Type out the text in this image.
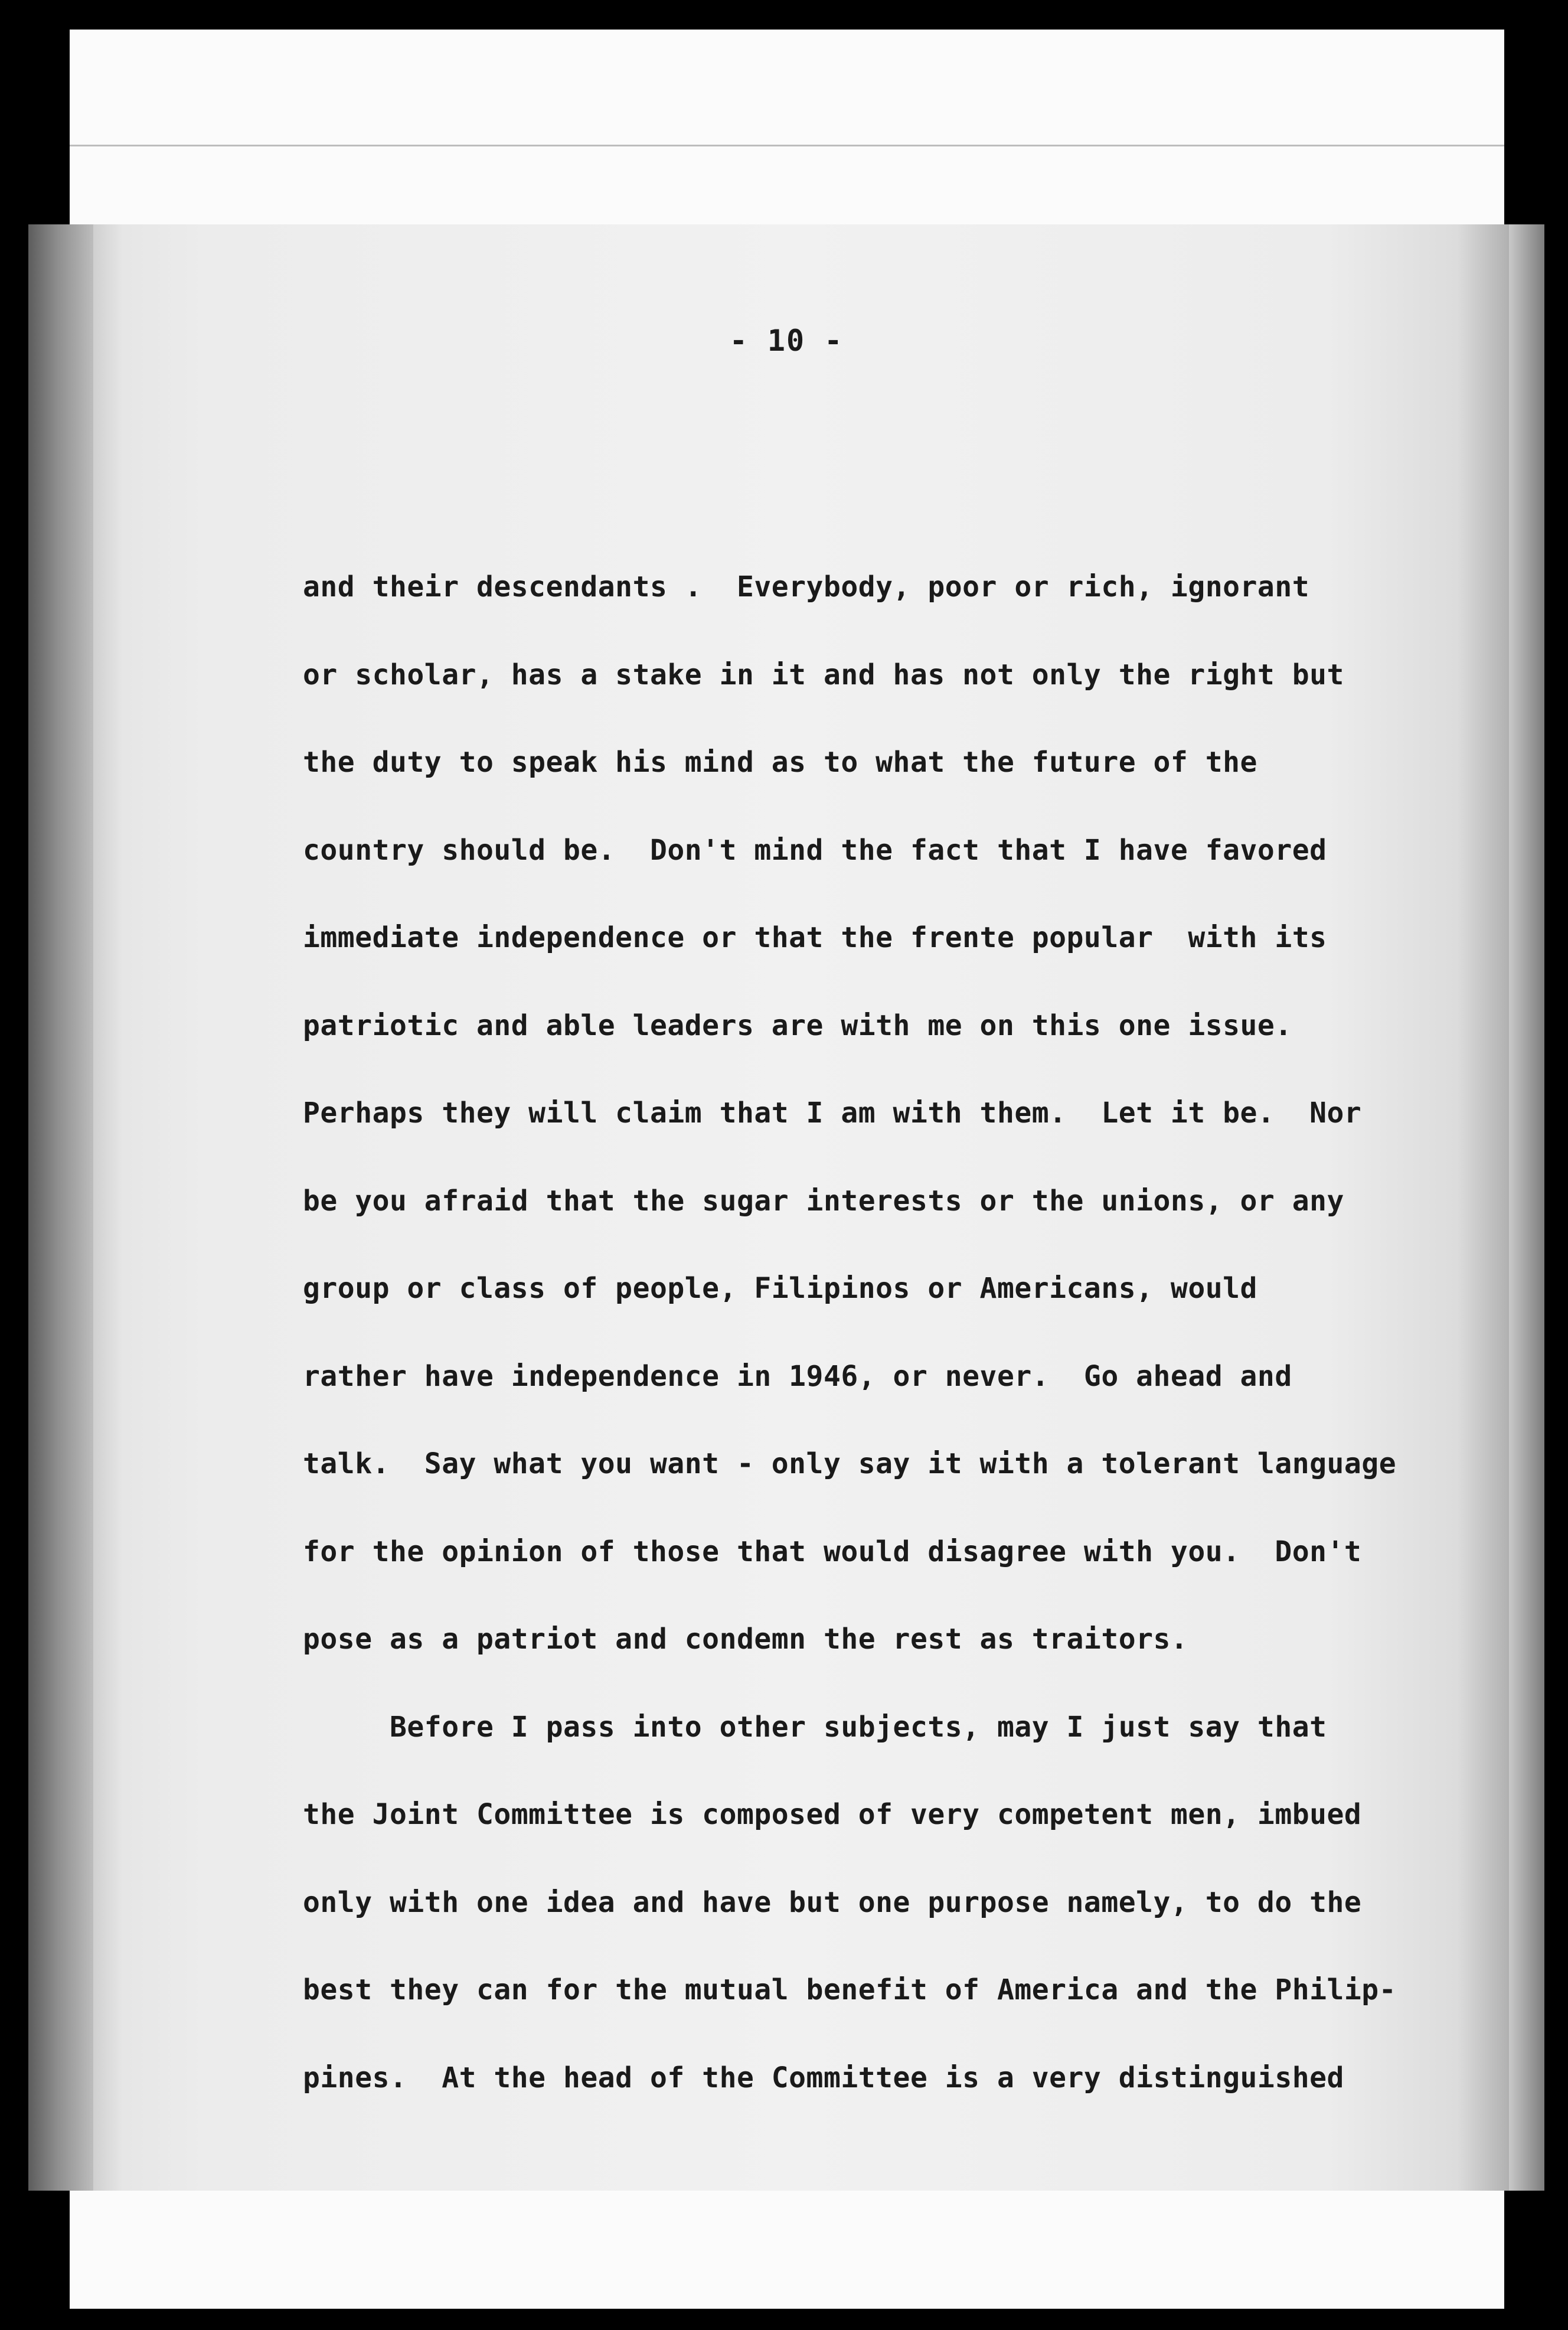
- 10 -
and their descendants .  Everybody, poor or rich, ignorant
or scholar, has a stake in it and has not only the right but
the duty to speak his mind as to what the future of the
country should be.  Don't mind the fact that I have favored
immediate independence or that the frente popular  with its
patriotic and able leaders are with me on this one issue.
Perhaps they will claim that I am with them.  Let it be.  Nor
be you afraid that the sugar interests or the unions, or any
group or class of people, Filipinos or Americans, would
rather have independence in 1946, or never.  Go ahead and
talk.  Say what you want - only say it with a tolerant language
for the opinion of those that would disagree with you.  Don't
pose as a patriot and condemn the rest as traitors.
Before I pass into other subjects, may I just say that
the Joint Committee is composed of very competent men, imbued
only with one idea and have but one purpose namely, to do the
best they can for the mutual benefit of America and the Philip-
pines.  At the head of the Committee is a very distinguished
